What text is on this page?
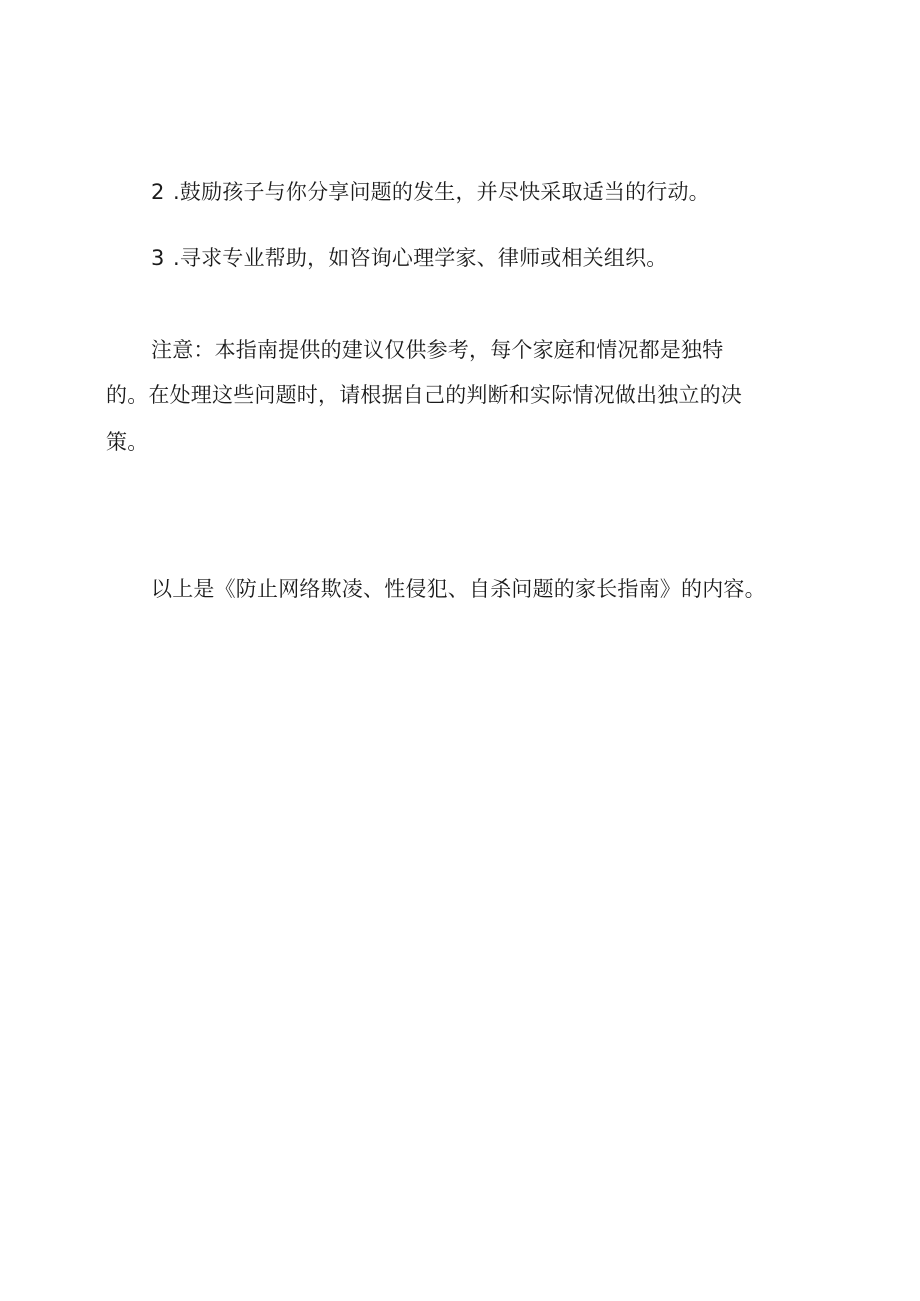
2 .鼓励孩子与你分享问题的发生，并尽快采取适当的行动。
3 .寻求专业帮助，如咨询心理学家、律师或相关组织。
注意：本指南提供的建议仅供参考，每个家庭和情况都是独特
的。在处理这些问题时，请根据自己的判断和实际情况做出独立的决
策。
以上是《防止网络欺凌、性侵犯、自杀问题的家长指南》的内容。
